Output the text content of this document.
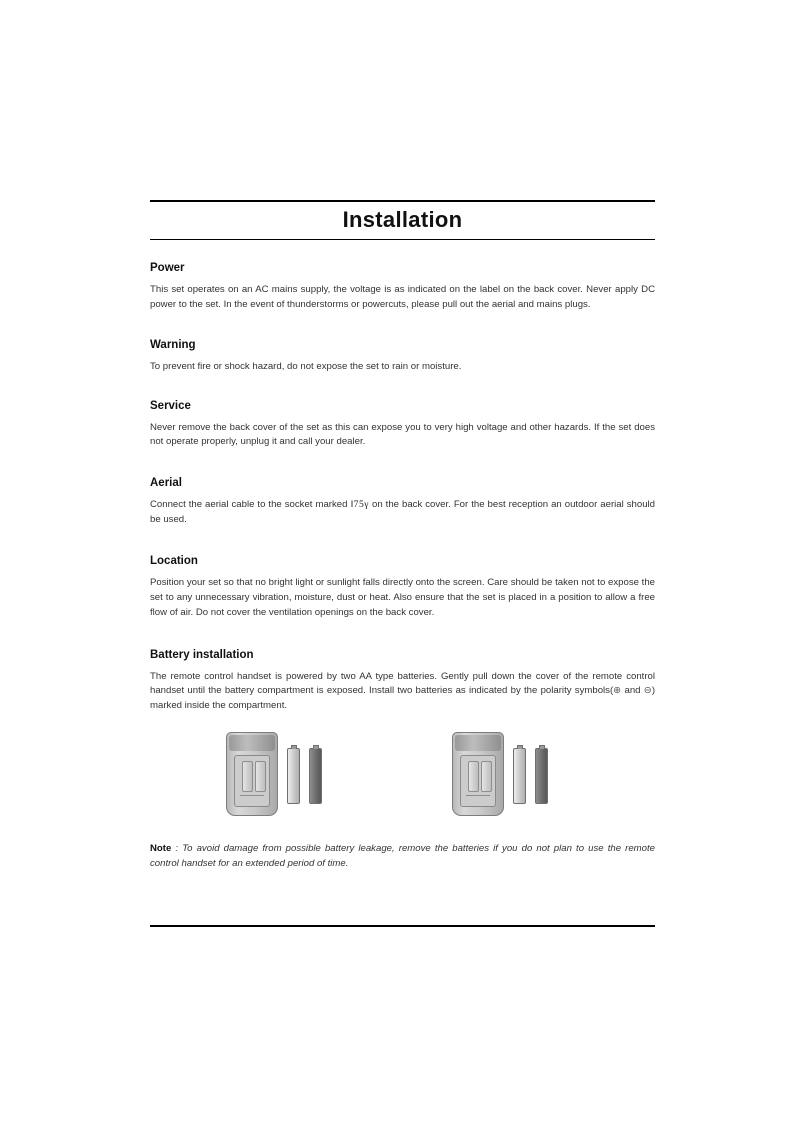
Installation
Power

This set operates on an AC mains supply, the voltage is as indicated on the label on the back cover. Never apply DC power to the set. In the event of thunderstorms or powercuts, please pull out the aerial and mains plugs.

Warning

To prevent fire or shock hazard, do not expose the set to rain or moisture.

Service

Never remove the back cover of the set as this can expose you to very high voltage and other hazards. If the set does not operate properly, unplug it and call your dealer.

Aerial

Connect the aerial cable to the socket marked ‖75γ on the back cover. For the best reception an outdoor aerial should be used.

Location

Position your set so that no bright light or sunlight falls directly onto the screen. Care should be taken not to expose the set to any unnecessary vibration, moisture, dust or heat. Also ensure that the set is placed in a position to allow a free flow of air. Do not cover the ventilation openings on the back cover.

Battery installation

The remote control handset is powered by two AA type batteries. Gently pull down the cover of the remote control handset until the battery compartment is exposed. Install two batteries as indicated by the polarity symbols(⊕ and ⊖) marked inside the compartment.

Note : To avoid damage from possible battery leakage, remove the batteries if you do not plan to use the remote control handset for an extended period of time.
